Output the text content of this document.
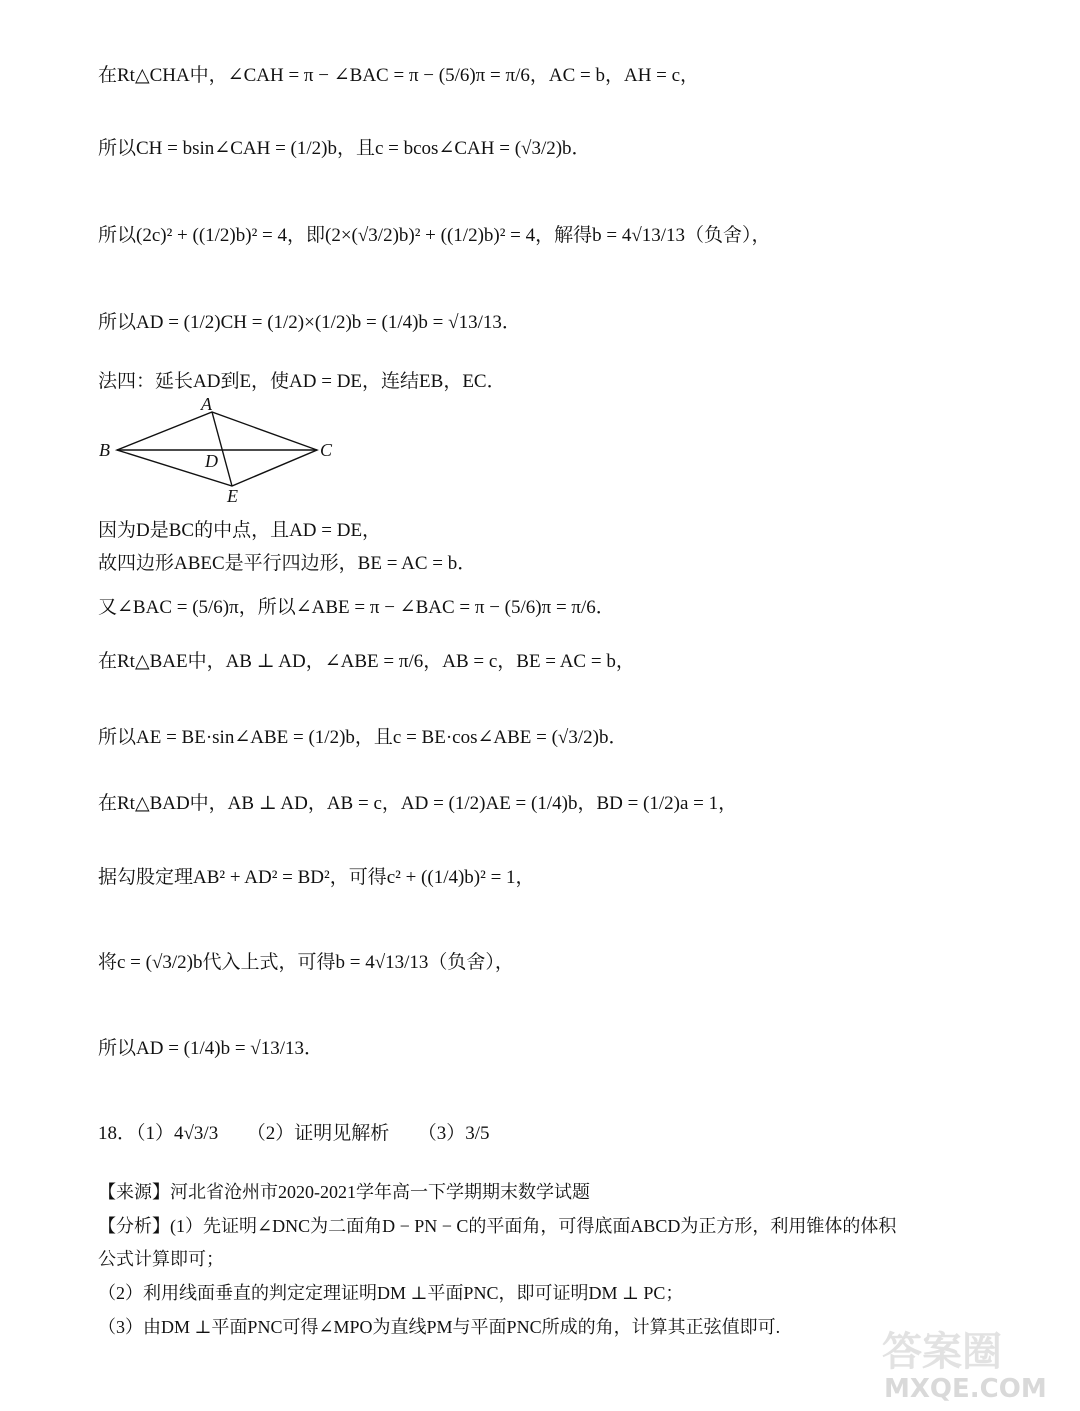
在Rt△CHA中，∠CAH = π − ∠BAC = π − (5/6)π = π/6，AC = b，AH = c，
所以CH = bsin∠CAH = (1/2)b，且c = bcos∠CAH = (√3/2)b．
所以(2c)² + ((1/2)b)² = 4，即(2×(√3/2)b)² + ((1/2)b)² = 4，解得b = 4√13/13（负舍），
所以AD = (1/2)CH = (1/2)×(1/2)b = (1/4)b = √13/13．
法四：延长AD到E，使AD = DE，连结EB，EC．
A
B	C
D
E
因为D是BC的中点，且AD = DE，
故四边形ABEC是平行四边形，BE = AC = b．
又∠BAC = (5/6)π，所以∠ABE = π − ∠BAC = π − (5/6)π = π/6．
在Rt△BAE中，AB ⊥ AD，∠ABE = π/6，AB = c，BE = AC = b，
所以AE = BE·sin∠ABE = (1/2)b，且c = BE·cos∠ABE = (√3/2)b．
在Rt△BAD中，AB ⊥ AD，AB = c，AD = (1/2)AE = (1/4)b，BD = (1/2)a = 1，
据勾股定理AB² + AD² = BD²，可得c² + ((1/4)b)² = 1，
将c = (√3/2)b代入上式，可得b = 4√13/13（负舍），
所以AD = (1/4)b = √13/13．
18．（1）4√3/3　　（2）证明见解析　　（3）3/5
【来源】河北省沧州市2020-2021学年高一下学期期末数学试题
【分析】(1）先证明∠DNC为二面角D − PN − C的平面角，可得底面ABCD为正方形，利用锥体的体积
公式计算即可；
（2）利用线面垂直的判定定理证明DM ⊥平面PNC，即可证明DM ⊥ PC；
（3）由DM ⊥平面PNC可得∠MPO为直线PM与平面PNC所成的角，计算其正弦值即可.
答案圈
MXQE.COM
